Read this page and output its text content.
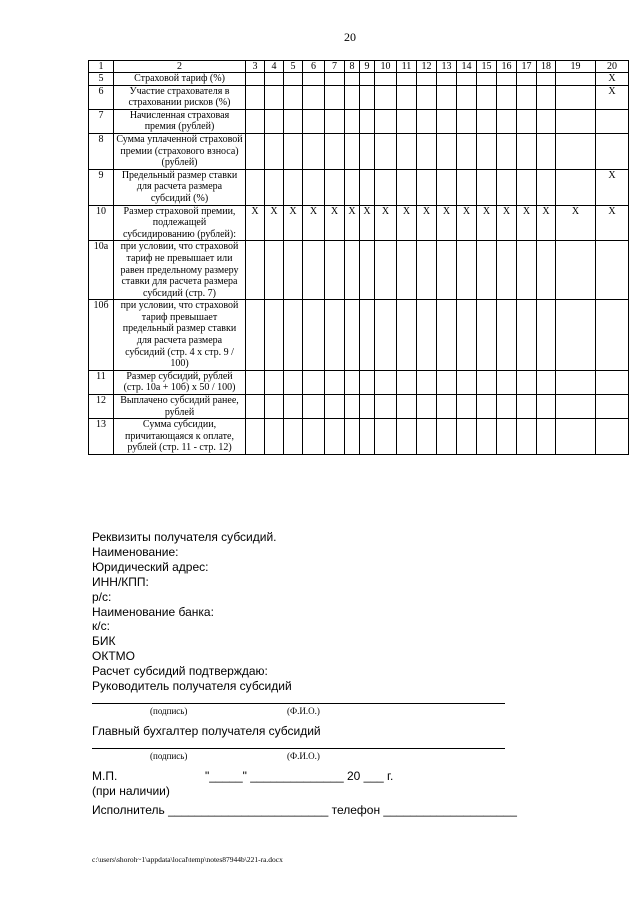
20
1	2	3	4	5	6	7	8	9	10	11	12	13	14	15	16	17	18	19	20
5	Страховой тариф (%)																		X
6	Участие страхователя в страховании рисков (%)																		X
7	Начисленная страховая премия (рублей)																		
8	Сумма уплаченной страховой премии (страхового взноса) (рублей)																		
9	Предельный размер ставки для расчета размера субсидий (%)																		X
10	Размер страховой премии, подлежащей субсидированию (рублей):	X	X	X	X	X	X	X	X	X	X	X	X	X	X	X	X	X	X
10а	при условии, что страховой тариф не превышает или равен предельному размеру ставки для расчета размера субсидий (стр. 7)																		
10б	при условии, что страховой тариф превышает предельный размер ставки для расчета размера субсидий (стр. 4 x стр. 9 / 100)																		
11	Размер субсидий, рублей (стр. 10а + 10б) x 50 / 100)																		
12	Выплачено субсидий ранее, рублей																		
13	Сумма субсидии, причитающаяся к оплате, рублей (стр. 11 - стр. 12)																		
Реквизиты получателя субсидий.
Наименование:
Юридический адрес:
ИНН/КПП:
р/с:
Наименование банка:
к/с:
БИК
ОКТМО
Расчет субсидий подтверждаю:
Руководитель получателя субсидий
(подпись)	(Ф.И.О.)
Главный бухгалтер получателя субсидий
(подпись)	(Ф.И.О.)
М.П.	"_____" ______________ 20 ___ г.
(при наличии)
Исполнитель ________________________ телефон ____________________
c:\users\shoroh~1\appdata\local\temp\notes87944b\221-ra.docx
